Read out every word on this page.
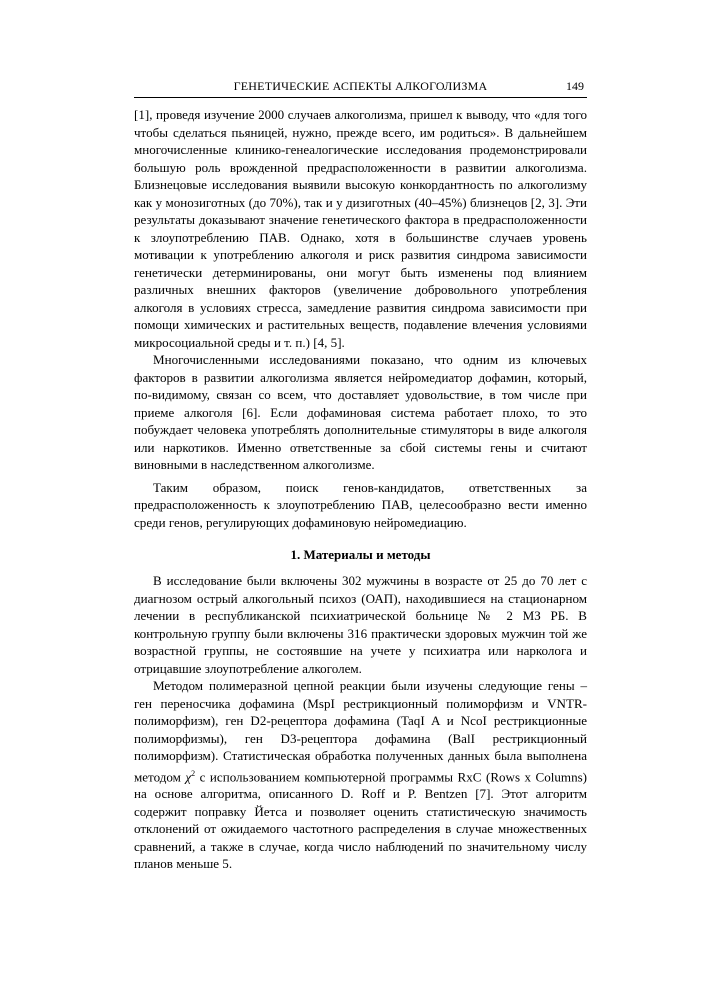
ГЕНЕТИЧЕСКИЕ АСПЕКТЫ АЛКОГОЛИЗМА	149

[1], проведя изучение 2000 случаев алкоголизма, пришел к выводу, что «для того чтобы сделаться пьяницей, нужно, прежде всего, им родиться». В дальнейшем многочисленные клинико-генеалогические исследования продемонстрировали большую роль врожденной предрасположенности в развитии алкоголизма. Близнецовые исследования выявили высокую конкордантность по алкоголизму как у монозиготных (до 70%), так и у дизиготных (40–45%) близнецов [2, 3]. Эти результаты доказывают значение генетического фактора в предрасположенности к злоупотреблению ПАВ. Однако, хотя в большинстве случаев уровень мотивации к употреблению алкоголя и риск развития синдрома зависимости генетически детерминированы, они могут быть изменены под влиянием различных внешних факторов (увеличение добровольного употребления алкоголя в условиях стресса, замедление развития синдрома зависимости при помощи химических и растительных веществ, подавление влечения условиями микросоциальной среды и т. п.) [4, 5].

Многочисленными исследованиями показано, что одним из ключевых факторов в развитии алкоголизма является нейромедиатор дофамин, который, по-видимому, связан со всем, что доставляет удовольствие, в том числе при приеме алкоголя [6]. Если дофаминовая система работает плохо, то это побуждает человека употреблять дополнительные стимуляторы в виде алкоголя или наркотиков. Именно ответственные за сбой системы гены и считают виновными в наследственном алкоголизме.

Таким образом, поиск генов-кандидатов, ответственных за предрасположенность к злоупотреблению ПАВ, целесообразно вести именно среди генов, регулирующих дофаминовую нейромедиацию.

1. Материалы и методы

В исследование были включены 302 мужчины в возрасте от 25 до 70 лет с диагнозом острый алкогольный психоз (ОАП), находившиеся на стационарном лечении в республиканской психиатрической больнице № 2 МЗ РБ. В контрольную группу были включены 316 практически здоровых мужчин той же возрастной группы, не состоявшие на учете у психиатра или нарколога и отрицавшие злоупотребление алкоголем.

Методом полимеразной цепной реакции были изучены следующие гены – ген переносчика дофамина (MspI рестрикционный полиморфизм и VNTR-полиморфизм), ген D2-рецептора дофамина (TaqI A и NcoI рестрикционные полиморфизмы), ген D3-рецептора дофамина (BalI рестрикционный полиморфизм). Статистическая обработка полученных данных была выполнена методом $\chi^2$ с использованием компьютерной программы RxC (Rows x Columns) на основе алгоритма, описанного D. Roff и P. Bentzen [7]. Этот алгоритм содержит поправку Йетса и позволяет оценить статистическую значимость отклонений от ожидаемого частотного распределения в случае множественных сравнений, а также в случае, когда число наблюдений по значительному числу планов меньше 5.
